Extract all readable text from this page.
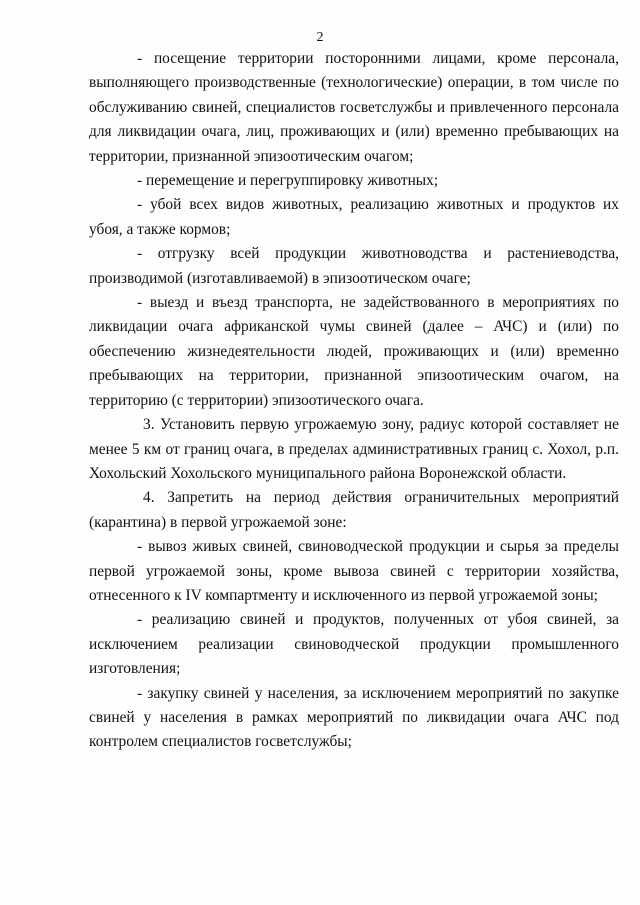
2

- посещение территории посторонними лицами, кроме персонала, выполняющего производственные (технологические) операции, в том числе по обслуживанию свиней, специалистов госветслужбы и привлеченного персонала для ликвидации очага, лиц, проживающих и (или) временно пребывающих на территории, признанной эпизоотическим очагом;

- перемещение и перегруппировку животных;

- убой всех видов животных, реализацию животных и продуктов их убоя, а также кормов;

- отгрузку всей продукции животноводства и растениеводства, производимой (изготавливаемой) в эпизоотическом очаге;

- выезд и въезд транспорта, не задействованного в мероприятиях по ликвидации очага африканской чумы свиней (далее – АЧС) и (или) по обеспечению жизнедеятельности людей, проживающих и (или) временно пребывающих на территории, признанной эпизоотическим очагом, на территорию (с территории) эпизоотического очага.

3. Установить первую угрожаемую зону, радиус которой составляет не менее 5 км от границ очага, в пределах административных границ с. Хохол, р.п. Хохольский Хохольского муниципального района Воронежской области.

4. Запретить на период действия ограничительных мероприятий (карантина) в первой угрожаемой зоне:

- вывоз живых свиней, свиноводческой продукции и сырья за пределы первой угрожаемой зоны, кроме вывоза свиней с территории хозяйства, отнесенного к IV компартменту и исключенного из первой угрожаемой зоны;

- реализацию свиней и продуктов, полученных от убоя свиней, за исключением реализации свиноводческой продукции промышленного изготовления;

- закупку свиней у населения, за исключением мероприятий по закупке свиней у населения в рамках мероприятий по ликвидации очага АЧС под контролем специалистов госветслужбы;
